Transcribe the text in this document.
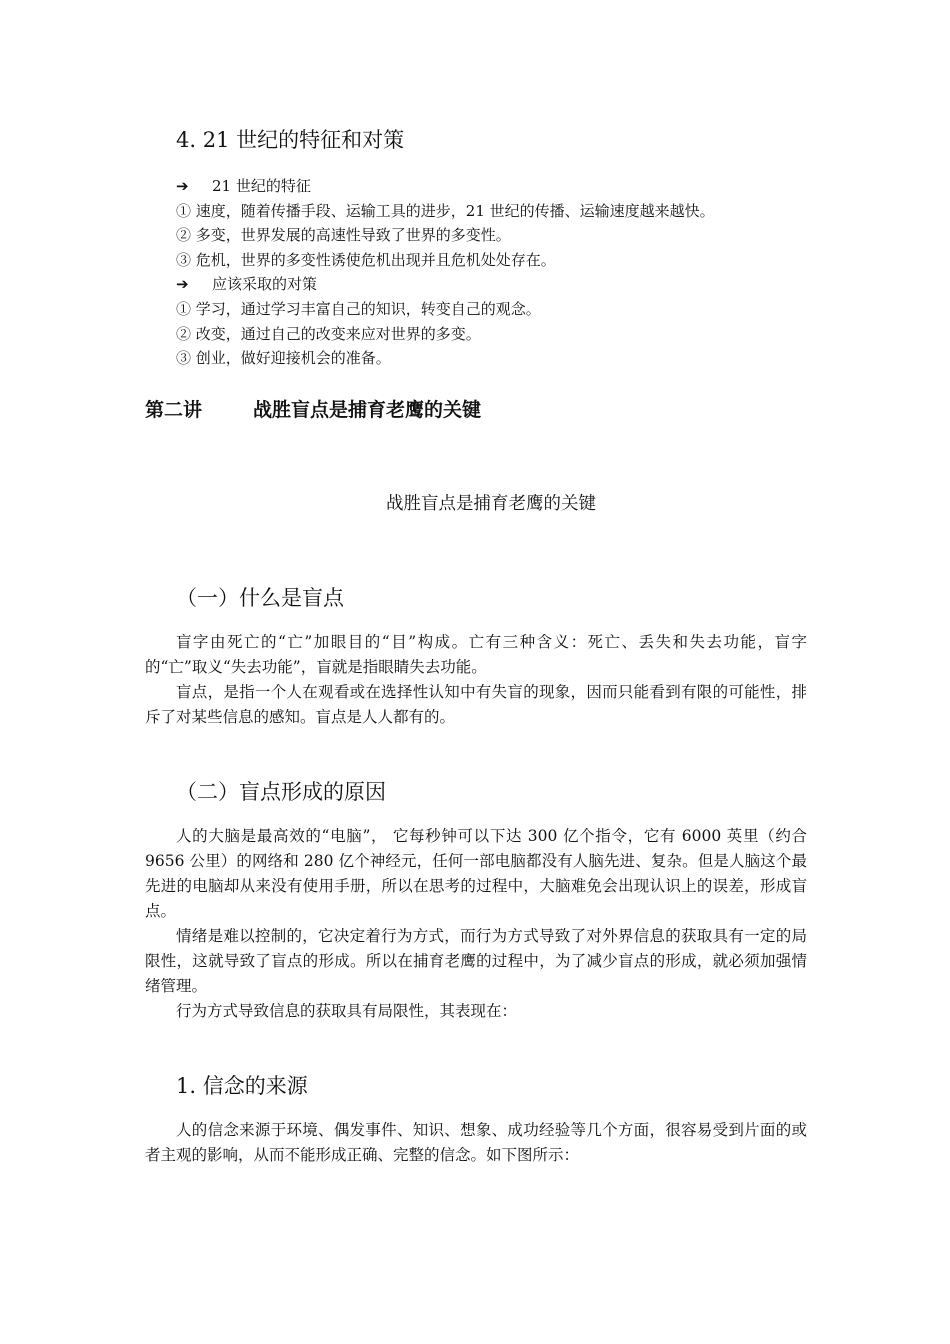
4. 21 世纪的特征和对策
➔ 21 世纪的特征
① 速度，随着传播手段、运输工具的进步，21 世纪的传播、运输速度越来越快。
② 多变，世界发展的高速性导致了世界的多变性。
③ 危机，世界的多变性诱使危机出现并且危机处处存在。
➔ 应该采取的对策
① 学习，通过学习丰富自己的知识，转变自己的观念。
② 改变，通过自己的改变来应对世界的多变。
③ 创业，做好迎接机会的准备。
第二讲	战胜盲点是捕育老鹰的关键
战胜盲点是捕育老鹰的关键
（一）什么是盲点

盲字由死亡的“亡”加眼目的“目”构成。亡有三种含义：死亡、丢失和失去功能，盲字的“亡”取义“失去功能”，盲就是指眼睛失去功能。

盲点，是指一个人在观看或在选择性认知中有失盲的现象，因而只能看到有限的可能性，排斥了对某些信息的感知。盲点是人人都有的。

（二）盲点形成的原因

人的大脑是最高效的“电脑”， 它每秒钟可以下达 300 亿个指令，它有 6000 英里（约合 9656 公里）的网络和 280 亿个神经元，任何一部电脑都没有人脑先进、复杂。但是人脑这个最先进的电脑却从来没有使用手册，所以在思考的过程中，大脑难免会出现认识上的误差，形成盲点。

情绪是难以控制的，它决定着行为方式，而行为方式导致了对外界信息的获取具有一定的局限性，这就导致了盲点的形成。所以在捕育老鹰的过程中，为了减少盲点的形成，就必须加强情绪管理。

行为方式导致信息的获取具有局限性，其表现在：

1. 信念的来源

人的信念来源于环境、偶发事件、知识、想象、成功经验等几个方面，很容易受到片面的或者主观的影响，从而不能形成正确、完整的信念。如下图所示：
